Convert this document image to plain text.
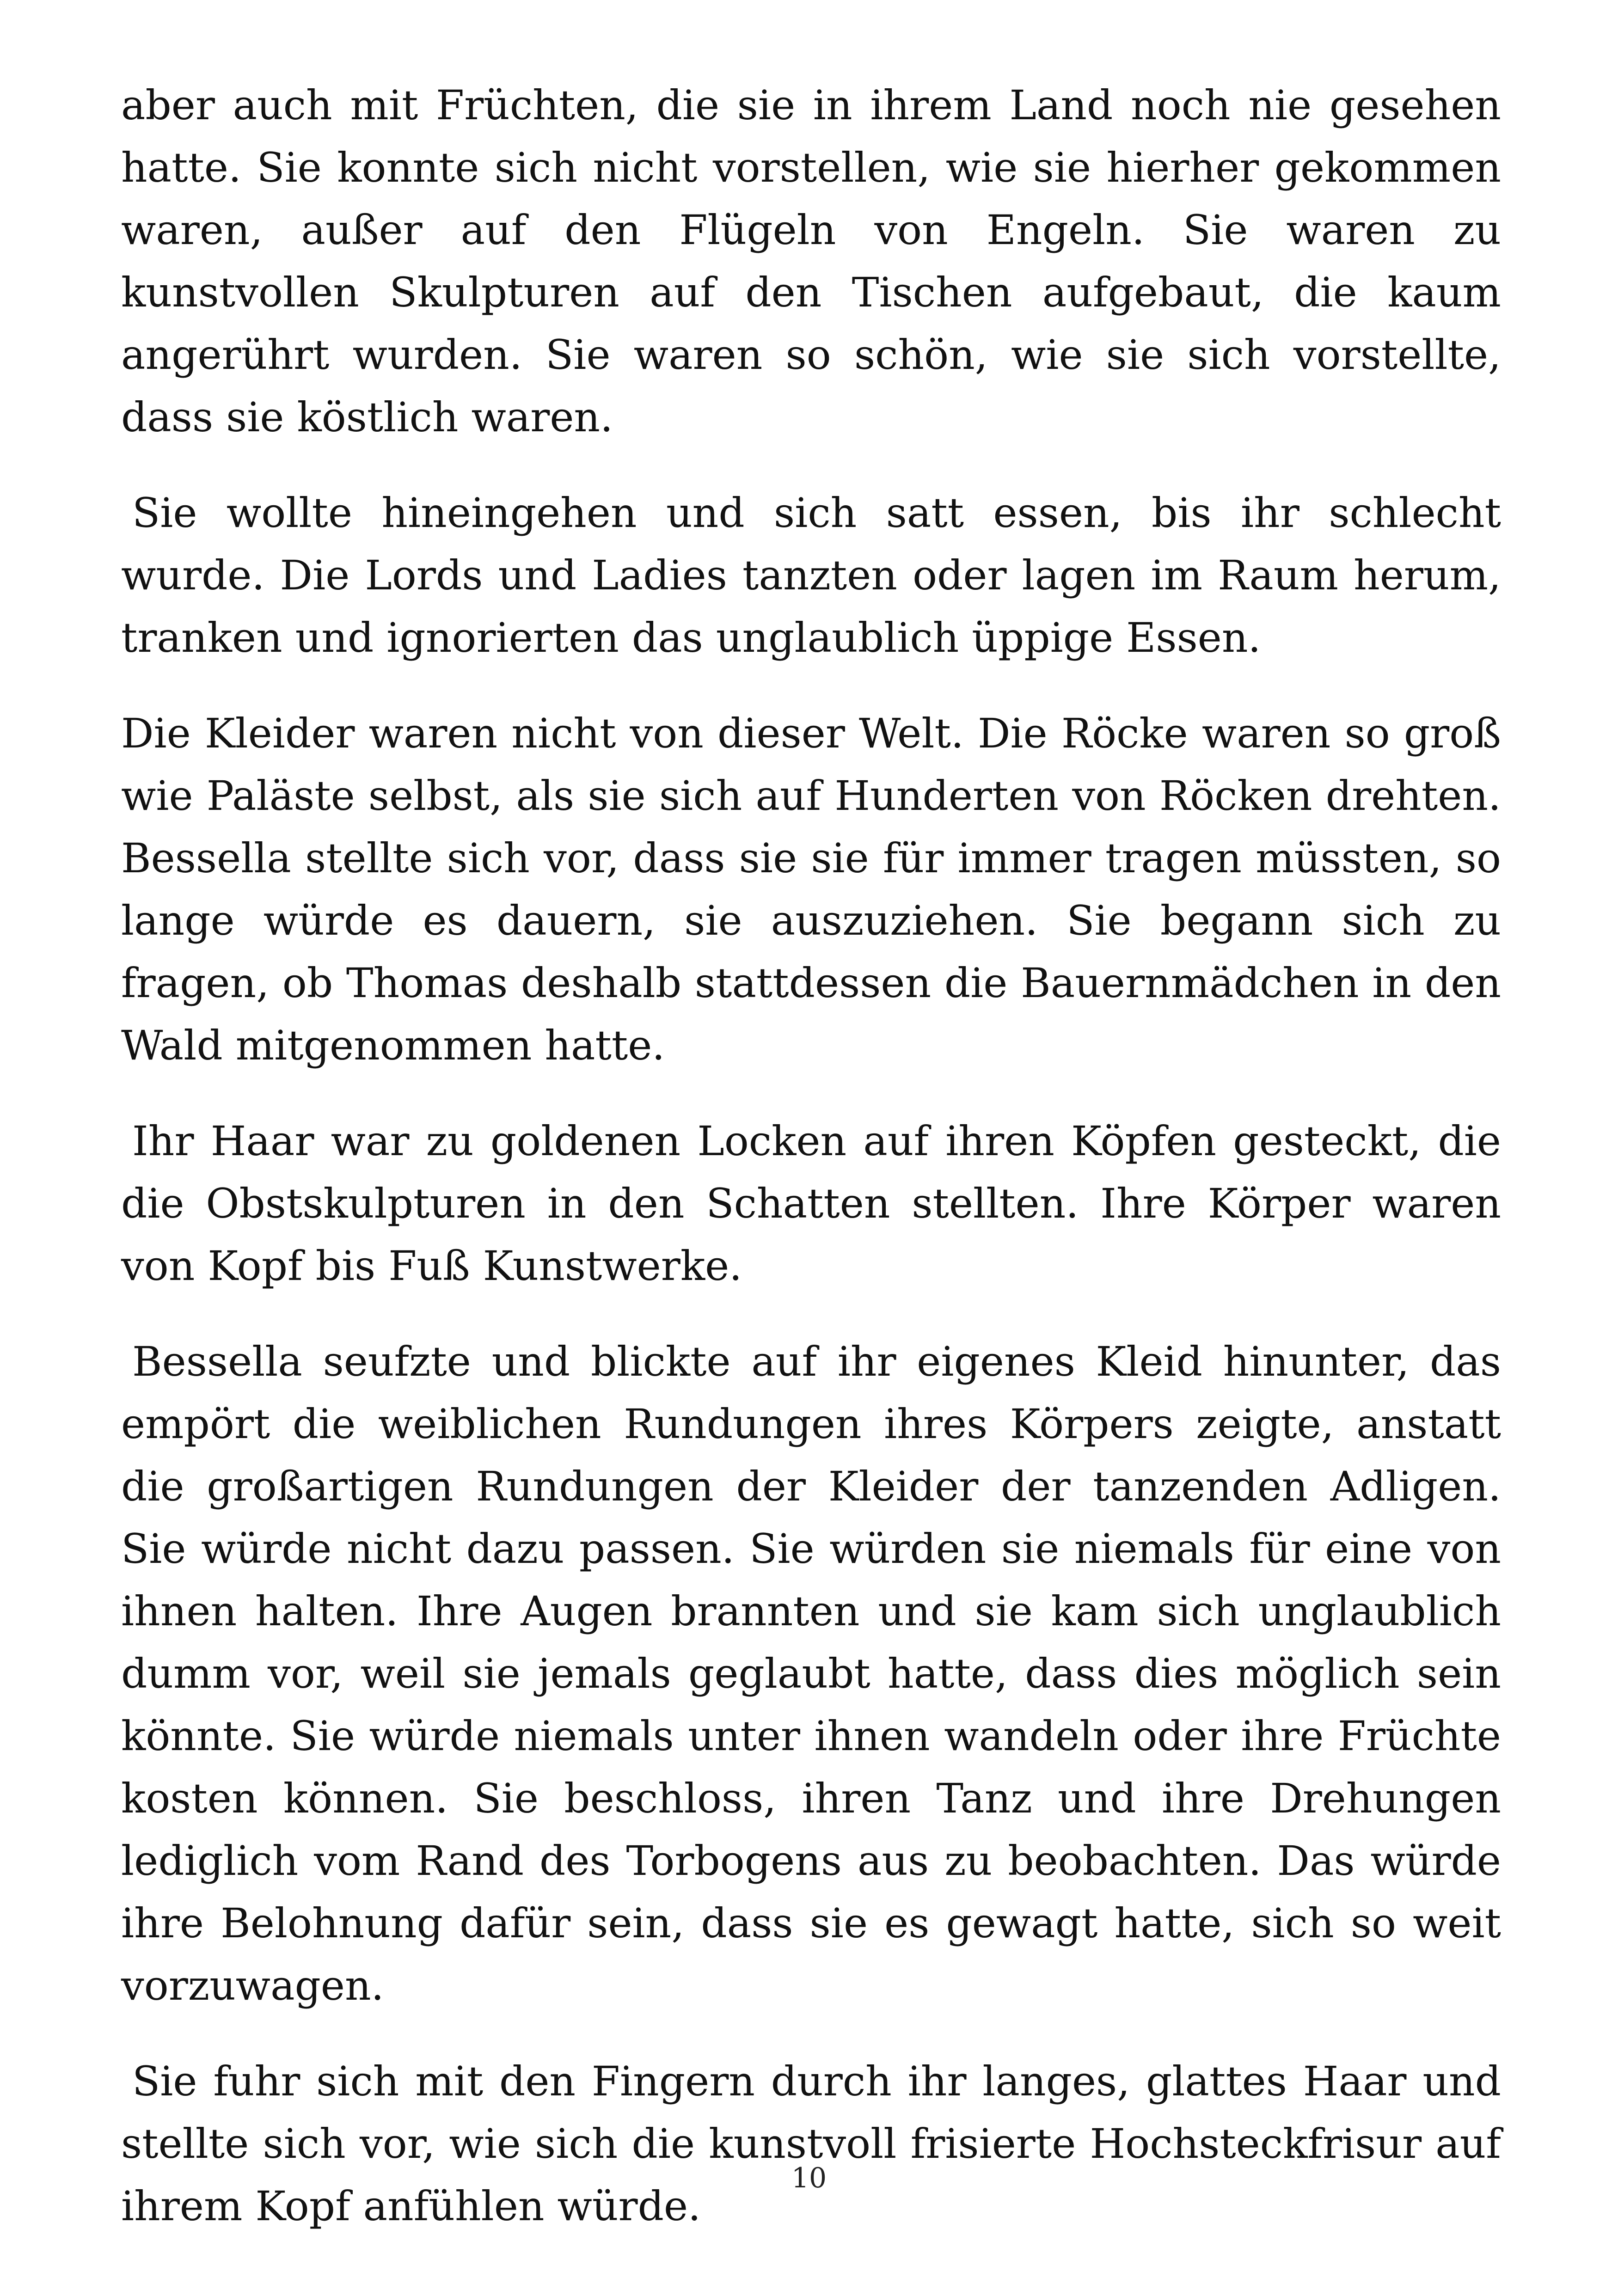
aber auch mit Früchten, die sie in ihrem Land noch nie gesehen hatte. Sie konnte sich nicht vorstellen, wie sie hierher gekommen waren, außer auf den Flügeln von Engeln. Sie waren zu kunstvollen Skulpturen auf den Tischen aufgebaut, die kaum angerührt wurden. Sie waren so schön, wie sie sich vorstellte, dass sie köstlich waren.

Sie wollte hineingehen und sich satt essen, bis ihr schlecht wurde. Die Lords und Ladies tanzten oder lagen im Raum herum, tranken und ignorierten das unglaublich üppige Essen.

Die Kleider waren nicht von dieser Welt. Die Röcke waren so groß wie Paläste selbst, als sie sich auf Hunderten von Röcken drehten. Bessella stellte sich vor, dass sie sie für immer tragen müssten, so lange würde es dauern, sie auszuziehen. Sie begann sich zu fragen, ob Thomas deshalb stattdessen die Bauernmädchen in den Wald mitgenommen hatte.

Ihr Haar war zu goldenen Locken auf ihren Köpfen gesteckt, die die Obstskulpturen in den Schatten stellten. Ihre Körper waren von Kopf bis Fuß Kunstwerke.

Bessella seufzte und blickte auf ihr eigenes Kleid hinunter, das empört die weiblichen Rundungen ihres Körpers zeigte, anstatt die großartigen Rundungen der Kleider der tanzenden Adligen. Sie würde nicht dazu passen. Sie würden sie niemals für eine von ihnen halten. Ihre Augen brannten und sie kam sich unglaublich dumm vor, weil sie jemals geglaubt hatte, dass dies möglich sein könnte. Sie würde niemals unter ihnen wandeln oder ihre Früchte kosten können. Sie beschloss, ihren Tanz und ihre Drehungen lediglich vom Rand des Torbogens aus zu beobachten. Das würde ihre Belohnung dafür sein, dass sie es gewagt hatte, sich so weit vorzuwagen.

Sie fuhr sich mit den Fingern durch ihr langes, glattes Haar und stellte sich vor, wie sich die kunstvoll frisierte Hochsteckfrisur auf ihrem Kopf anfühlen würde.

10
